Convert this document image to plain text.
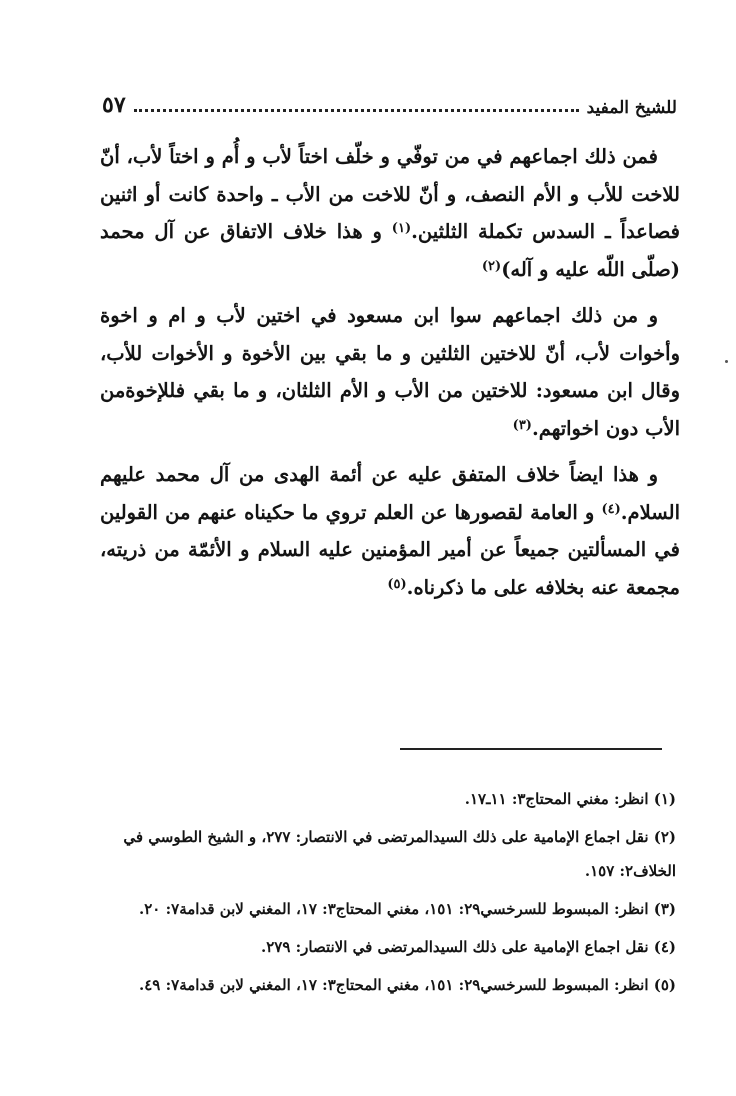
للشيخ المفيد
٥٧

فمن ذلك اجماعهم في من توفّي و خلّف اختاً لأب و أُم و اختاً لأب، أنّ للاخت للأب و الأم النصف، و أنّ للاخت من الأب ـ واحدة كانت أو اثنين فصاعداً ـ السدس تكملة الثلثين.$^{(١)}$ و هذا خلاف الاتفاق عن آل محمد (صلّى اللّه عليه و آله)$^{(٢)}$

و من ذلك اجماعهم سوا ابن مسعود في اختين لأب و ام و اخوة وأخوات لأب، أنّ للاختين الثلثين و ما بقي بين الأخوة و الأخوات للأب، وقال ابن مسعود: للاختين من الأب و الأم الثلثان، و ما بقي فللإخوةمن الأب دون اخواتهم.$^{(٣)}$

و هذا ايضاً خلاف المتفق عليه عن أئمة الهدى من آل محمد عليهم السلام.$^{(٤)}$ و العامة لقصورها عن العلم تروي ما حكيناه عنهم من القولين في المسألتين جميعاً عن أمير المؤمنين عليه السلام و الأئمّة من ذريته، مجمعة عنه بخلافه على ما ذكرناه.$^{(٥)}$

(١) انظر: مغني المحتاج٣: ١١ـ١٧.
(٢) نقل اجماع الإمامية على ذلك السيدالمرتضى في الانتصار: ٢٧٧، و الشيخ الطوسي في الخلاف٢: ١٥٧.
(٣) انظر: المبسوط للسرخسي٢٩: ١٥١، مغني المحتاج٣: ١٧، المغني لابن قدامة٧: ٢٠.
(٤) نقل اجماع الإمامية على ذلك السيدالمرتضى في الانتصار: ٢٧٩.
(٥) انظر: المبسوط للسرخسي٢٩: ١٥١، مغني المحتاج٣: ١٧، المغني لابن قدامة٧: ٤٩.
